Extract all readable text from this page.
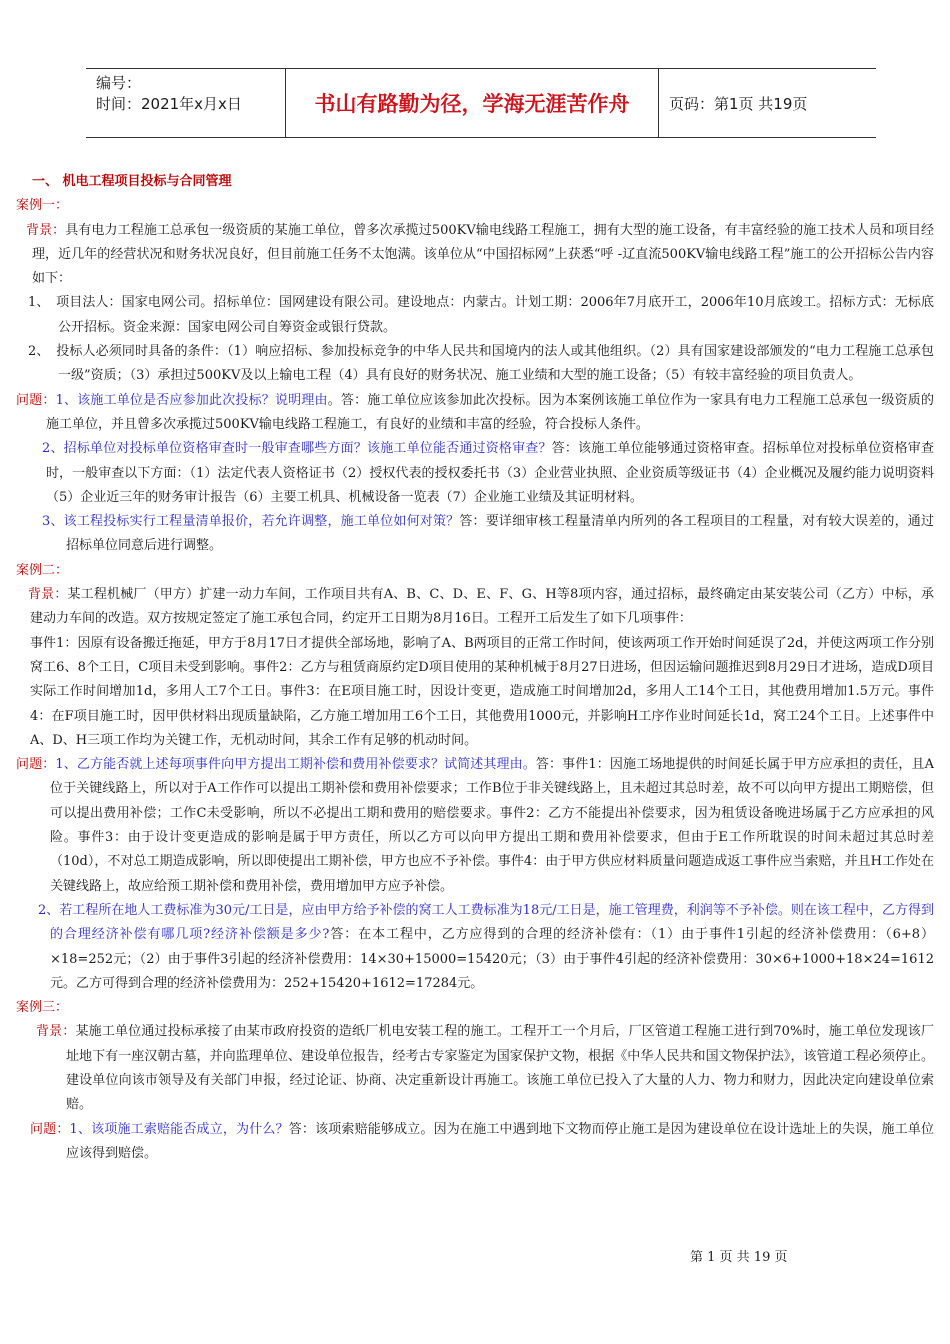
编号：
时间：2021年x月x日	书山有路勤为径，学海无涯苦作舟	页码：第1页 共19页
一、 机电工程项目投标与合同管理
案例一：
背景：具有电力工程施工总承包一级资质的某施工单位，曾多次承揽过500KV输电线路工程施工，拥有大型的施工设备，有丰富经验的施工技术人员和项目经理，近几年的经营状况和财务状况良好，但目前施工任务不太饱满。该单位从“中国招标网”上获悉“呼 -辽直流500KV输电线路工程”施工的公开招标公告内容如下：
1、　项目法人：国家电网公司。招标单位：国网建设有限公司。建设地点：内蒙古。计划工期：2006年7月底开工，2006年10月底竣工。招标方式：无标底公开招标。资金来源：国家电网公司自筹资金或银行贷款。
2、　投标人必须同时具备的条件：（1）响应招标、参加投标竞争的中华人民共和国境内的法人或其他组织。（2）具有国家建设部颁发的“电力工程施工总承包一级”资质；（3）承担过500KV及以上输电工程（4）具有良好的财务状况、施工业绩和大型的施工设备；（5）有较丰富经验的项目负责人。
问题：1、该施工单位是否应参加此次投标？说明理由。答：施工单位应该参加此次投标。因为本案例该施工单位作为一家具有电力工程施工总承包一级资质的施工单位，并且曾多次承揽过500KV输电线路工程施工，有良好的业绩和丰富的经验，符合投标人条件。
2、招标单位对投标单位资格审查时一般审查哪些方面？该施工单位能否通过资格审查？答：该施工单位能够通过资格审查。招标单位对投标单位资格审查时，一般审查以下方面：（1）法定代表人资格证书（2）授权代表的授权委托书（3）企业营业执照、企业资质等级证书（4）企业概况及履约能力说明资料（5）企业近三年的财务审计报告（6）主要工机具、机械设备一览表（7）企业施工业绩及其证明材料。
3、该工程投标实行工程量清单报价，若允许调整，施工单位如何对策？答：要详细审核工程量清单内所列的各工程项目的工程量，对有较大误差的，通过招标单位同意后进行调整。
案例二：
背景：某工程机械厂（甲方）扩建一动力车间，工作项目共有A、B、C、D、E、F、G、H等8项内容，通过招标，最终确定由某安装公司（乙方）中标，承建动力车间的改造。双方按规定签定了施工承包合同，约定开工日期为8月16日。工程开工后发生了如下几项事件：
事件1：因原有设备搬迁拖延，甲方于8月17日才提供全部场地，影响了A、B两项目的正常工作时间，使该两项工作开始时间延误了2d，并使这两项工作分别窝工6、8个工日，C项目未受到影响。事件2：乙方与租赁商原约定D项目使用的某种机械于8月27日进场，但因运输问题推迟到8月29日才进场，造成D项目实际工作时间增加1d，多用人工7个工日。事件3：在E项目施工时，因设计变更，造成施工时间增加2d，多用人工14个工日，其他费用增加1.5万元。事件4：在F项目施工时，因甲供材料出现质量缺陷，乙方施工增加用工6个工日，其他费用1000元，并影响H工序作业时间延长1d，窝工24个工日。上述事件中A、D、H三项工作均为关键工作，无机动时间，其余工作有足够的机动时间。
问题：1、乙方能否就上述每项事件向甲方提出工期补偿和费用补偿要求？试简述其理由。答：事件1：因施工场地提供的时间延长属于甲方应承担的责任，且A位于关键线路上，所以对于A工作作可以提出工期补偿和费用补偿要求；工作B位于非关键线路上，且未超过其总时差，故不可以向甲方提出工期赔偿，但可以提出费用补偿；工作C未受影响，所以不必提出工期和费用的赔偿要求。事件2：乙方不能提出补偿要求，因为租赁设备晚进场属于乙方应承担的风险。事件3：由于设计变更造成的影响是属于甲方责任，所以乙方可以向甲方提出工期和费用补偿要求，但由于E工作所耽误的时间未超过其总时差（10d），不对总工期造成影响，所以即使提出工期补偿，甲方也应不予补偿。事件4：由于甲方供应材料质量问题造成返工事件应当索赔，并且H工作处在关键线路上，故应给预工期补偿和费用补偿，费用增加甲方应予补偿。
2、若工程所在地人工费标准为30元/工日是，应由甲方给予补偿的窝工人工费标准为18元/工日是，施工管理费，利润等不予补偿。则在该工程中，乙方得到的合理经济补偿有哪几项?经济补偿额是多少?答：在本工程中，乙方应得到的合理的经济补偿有：（1）由于事件1引起的经济补偿费用：（6+8）×18=252元；（2）由于事件3引起的经济补偿费用：14×30+15000=15420元；（3）由于事件4引起的经济补偿费用：30×6+1000+18×24=1612元。乙方可得到合理的经济补偿费用为：252+15420+1612=17284元。
案例三：
背景：某施工单位通过投标承接了由某市政府投资的造纸厂机电安装工程的施工。工程开工一个月后，厂区管道工程施工进行到70%时，施工单位发现该厂址地下有一座汉朝古墓，并向监理单位、建设单位报告，经考古专家鉴定为国家保护文物，根据《中华人民共和国文物保护法》，该管道工程必须停止。建设单位向该市领导及有关部门申报，经过论证、协商、决定重新设计再施工。该施工单位已投入了大量的人力、物力和财力，因此决定向建设单位索赔。
问题：1、该项施工索赔能否成立，为什么？答：该项索赔能够成立。因为在施工中遇到地下文物而停止施工是因为建设单位在设计选址上的失误，施工单位应该得到赔偿。
第 1 页 共 19 页
